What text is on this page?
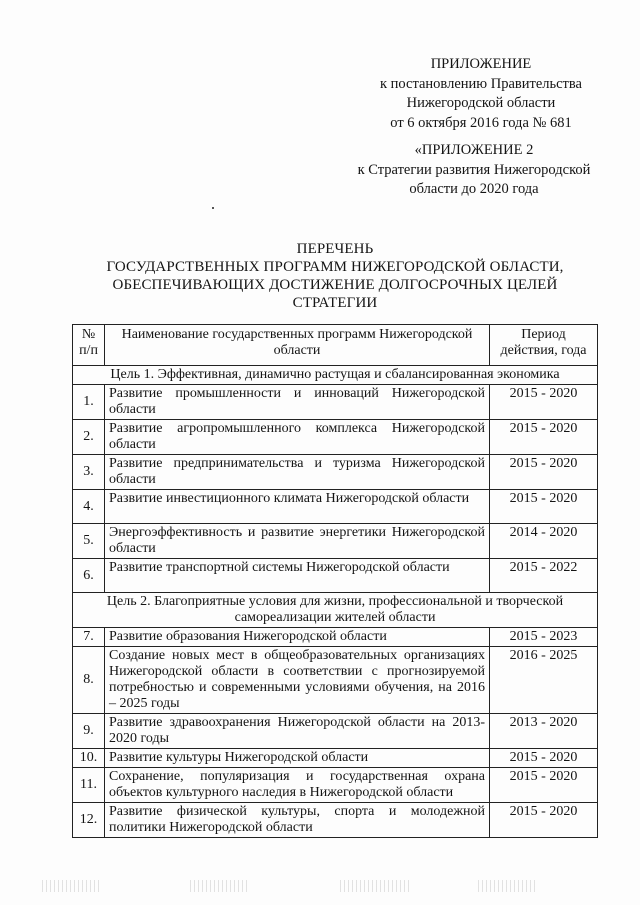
ПРИЛОЖЕНИЕ
к постановлению Правительства
Нижегородской области
от 6 октября 2016 года № 681
«ПРИЛОЖЕНИЕ 2
к Стратегии развития Нижегородской
области до 2020 года
ПЕРЕЧЕНЬ
ГОСУДАРСТВЕННЫХ ПРОГРАММ НИЖЕГОРОДСКОЙ ОБЛАСТИ,
ОБЕСПЕЧИВАЮЩИХ ДОСТИЖЕНИЕ ДОЛГОСРОЧНЫХ ЦЕЛЕЙ
СТРАТЕГИИ
№ п/п	Наименование государственных программ Нижегородской области	Период действия, года
Цель 1. Эффективная, динамично растущая и сбалансированная экономика		
1.	Развитие промышленности и инноваций Нижегородской области	2015 - 2020
2.	Развитие агропромышленного комплекса Нижегородской области	2015 - 2020
3.	Развитие предпринимательства и туризма Нижегородской области	2015 - 2020
4.	Развитие инвестиционного климата Нижегородской области	2015 - 2020
5.	Энергоэффективность и развитие энергетики Нижегородской области	2014 - 2020
6.	Развитие транспортной системы Нижегородской области	2015 - 2022
Цель 2. Благоприятные условия для жизни, профессиональной и творческой самореализации жителей области		
7.	Развитие образования Нижегородской области	2015 - 2023
8.	Создание новых мест в общеобразовательных организациях Нижегородской области в соответствии с прогнозируемой потребностью и современными условиями обучения, на 2016 – 2025 годы	2016 - 2025
9.	Развитие здравоохранения Нижегородской области на 2013-2020 годы	2013 - 2020
10.	Развитие культуры Нижегородской области	2015 - 2020
11.	Сохранение, популяризация и государственная охрана объектов культурного наследия в Нижегородской области	2015 - 2020
12.	Развитие физической культуры, спорта и молодежной политики Нижегородской области	2015 - 2020
